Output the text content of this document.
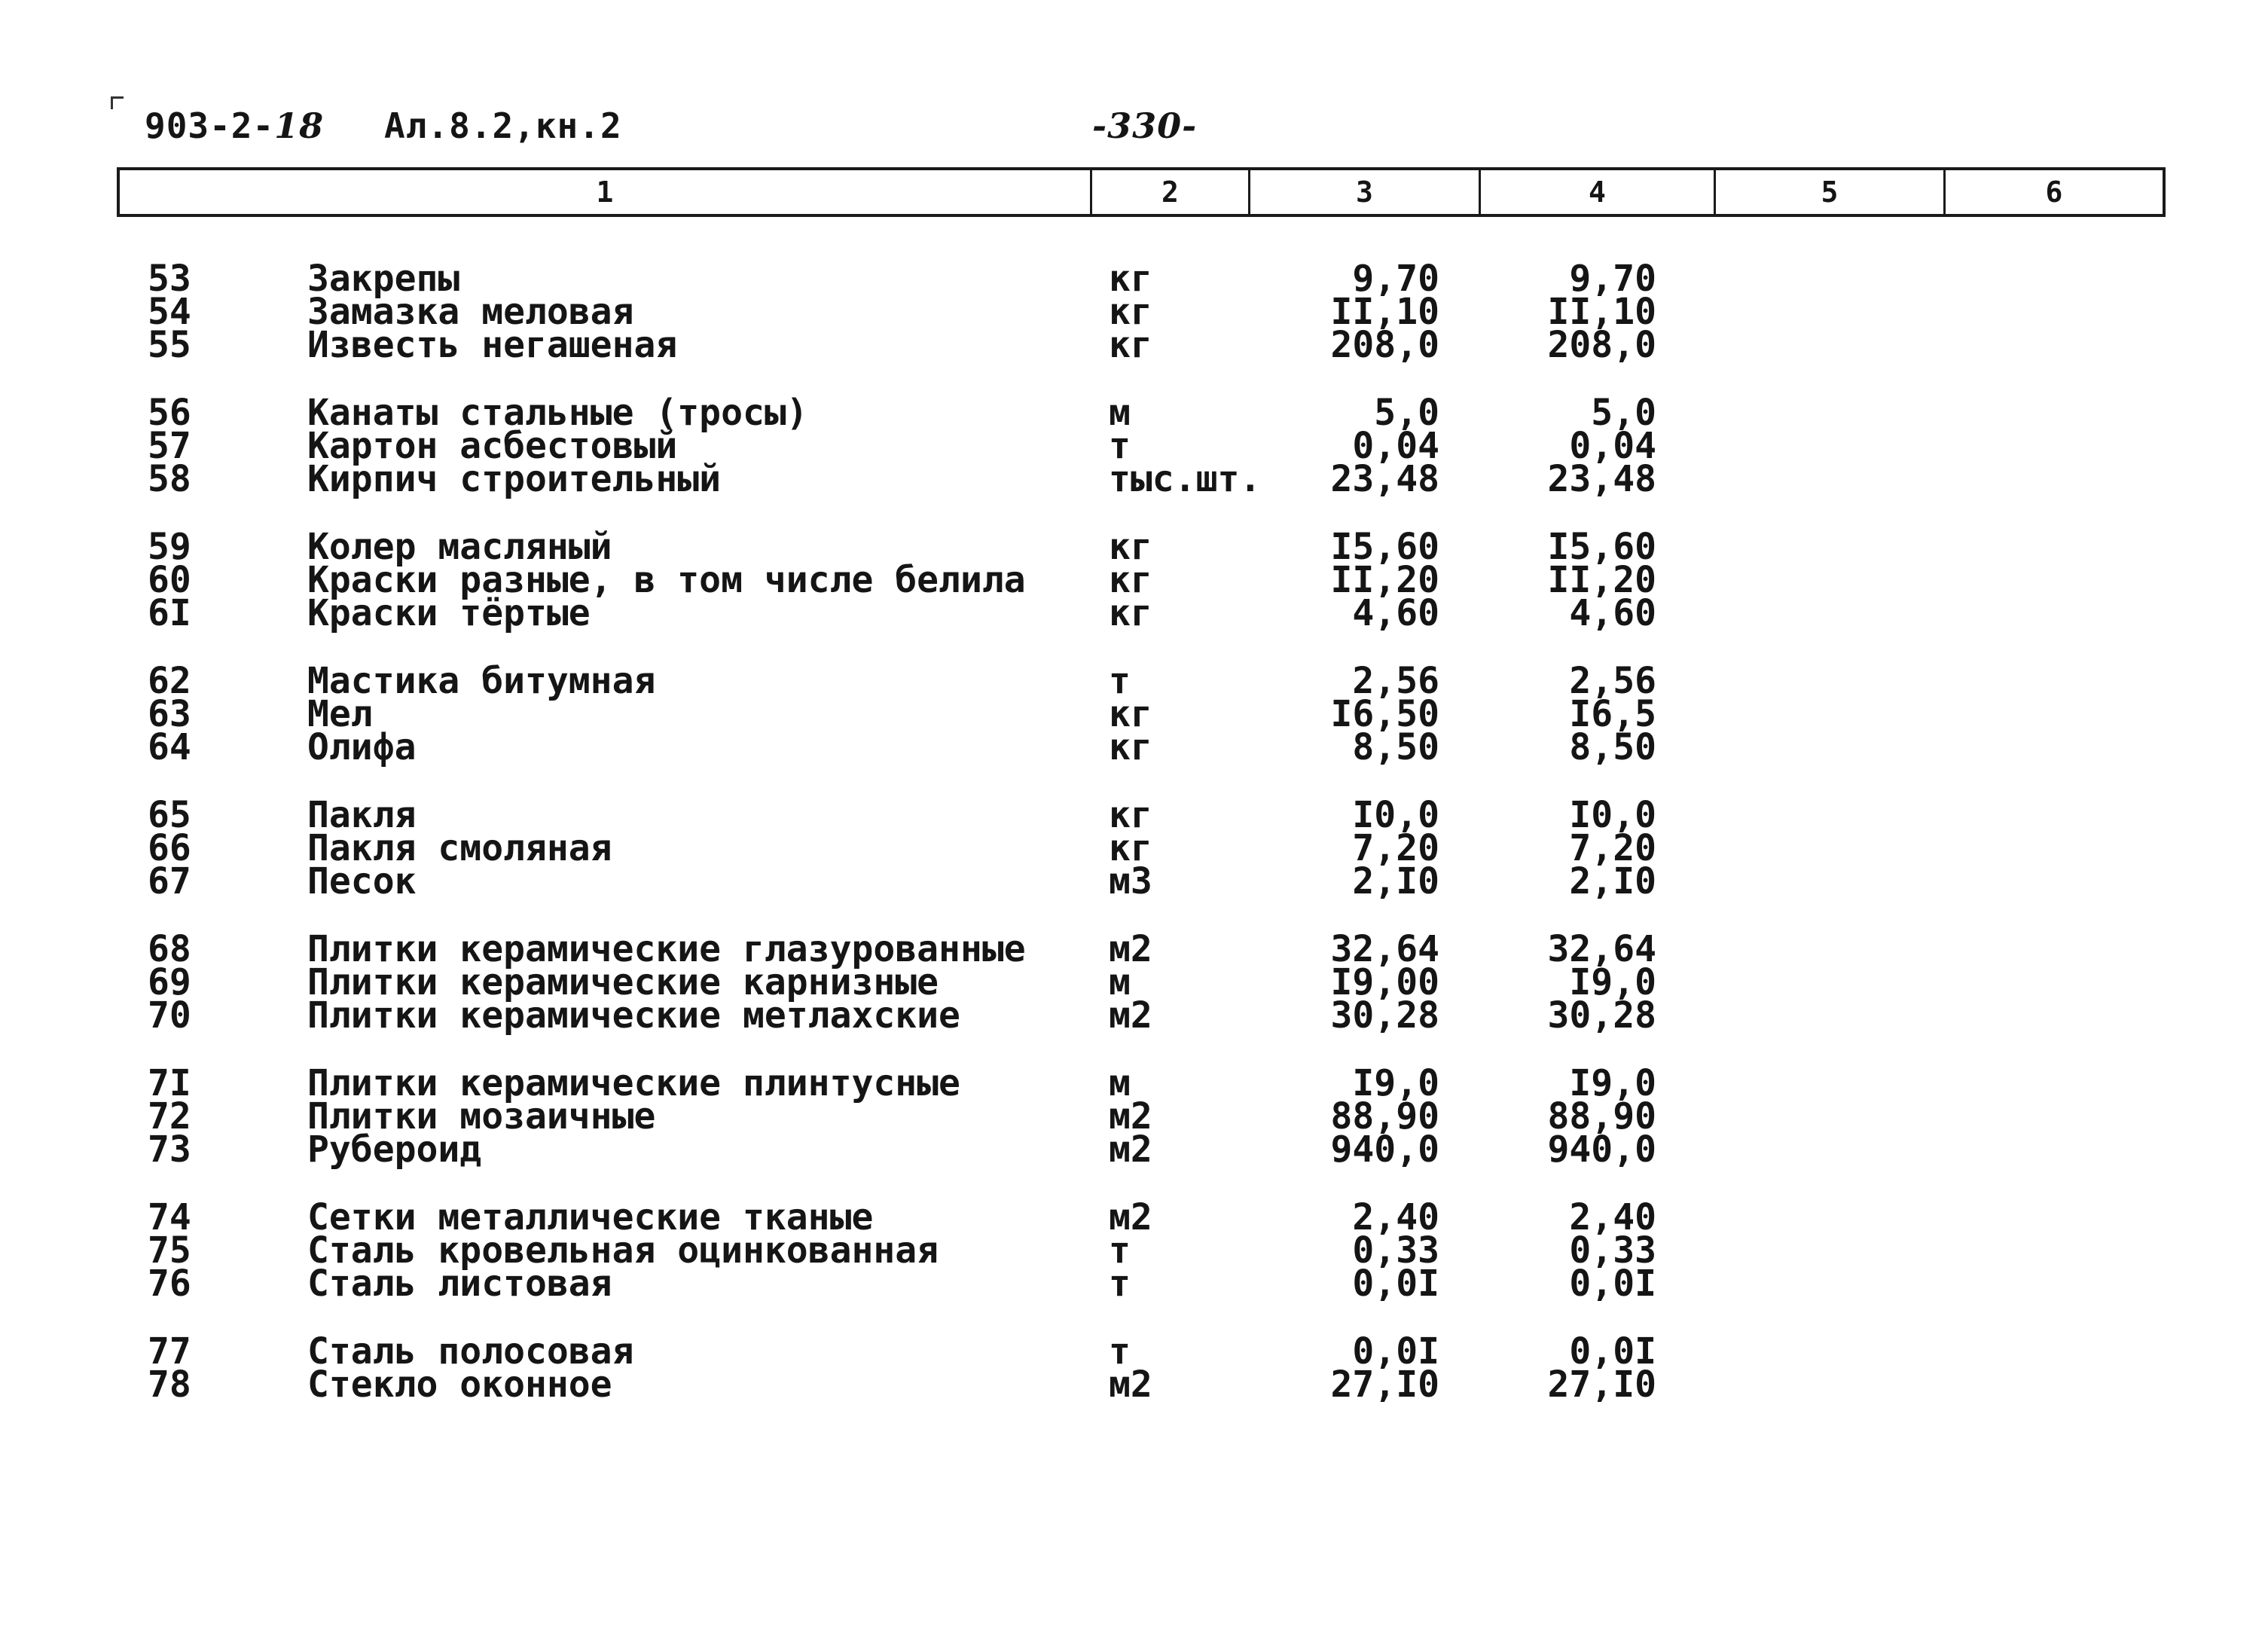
903-2-18 Ал.8.2,кн.2	-330-
1	2	3	4	5	6
53	Закрепы	кг	9,70	9,70
54	Замазка меловая	кг	II,10	II,10
55	Известь негашеная	кг	208,0	208,0
56	Канаты стальные (тросы)	м	5,0	5,0
57	Картон асбестовый	т	0,04	0,04
58	Кирпич строительный	тыс.шт. 23,48	23,48
59	Колер масляный	кг	I5,60	I5,60
60	Краски разные, в том числе белила кг	II,20	II,20
6I	Краски тёртые	кг	4,60	4,60
62	Мастика битумная	т	2,56	2,56
63	Мел	кг	I6,50	I6,5
64	Олифа	кг	8,50	8,50
65	Пакля	кг	I0,0	I0,0
66	Пакля смоляная	кг	7,20	7,20
67	Песок	м3	2,I0	2,I0
68	Плитки керамические глазурованные м2	32,64	32,64
69	Плитки керамические карнизные	м	I9,00	I9,0
70	Плитки керамические метлахские	м2	30,28	30,28
7I	Плитки керамические плинтусные	м	I9,0	I9,0
72	Плитки мозаичные	м2	88,90	88,90
73	Рубероид	м2	940,0	940,0
74	Сетки металлические тканые	м2	2,40	2,40
75	Сталь кровельная оцинкованная	т	0,33	0,33
76	Сталь листовая	т	0,0I	0,0I
77	Сталь полосовая	т	0,0I	0,0I
78	Стекло оконное	м2	27,I0	27,I0
